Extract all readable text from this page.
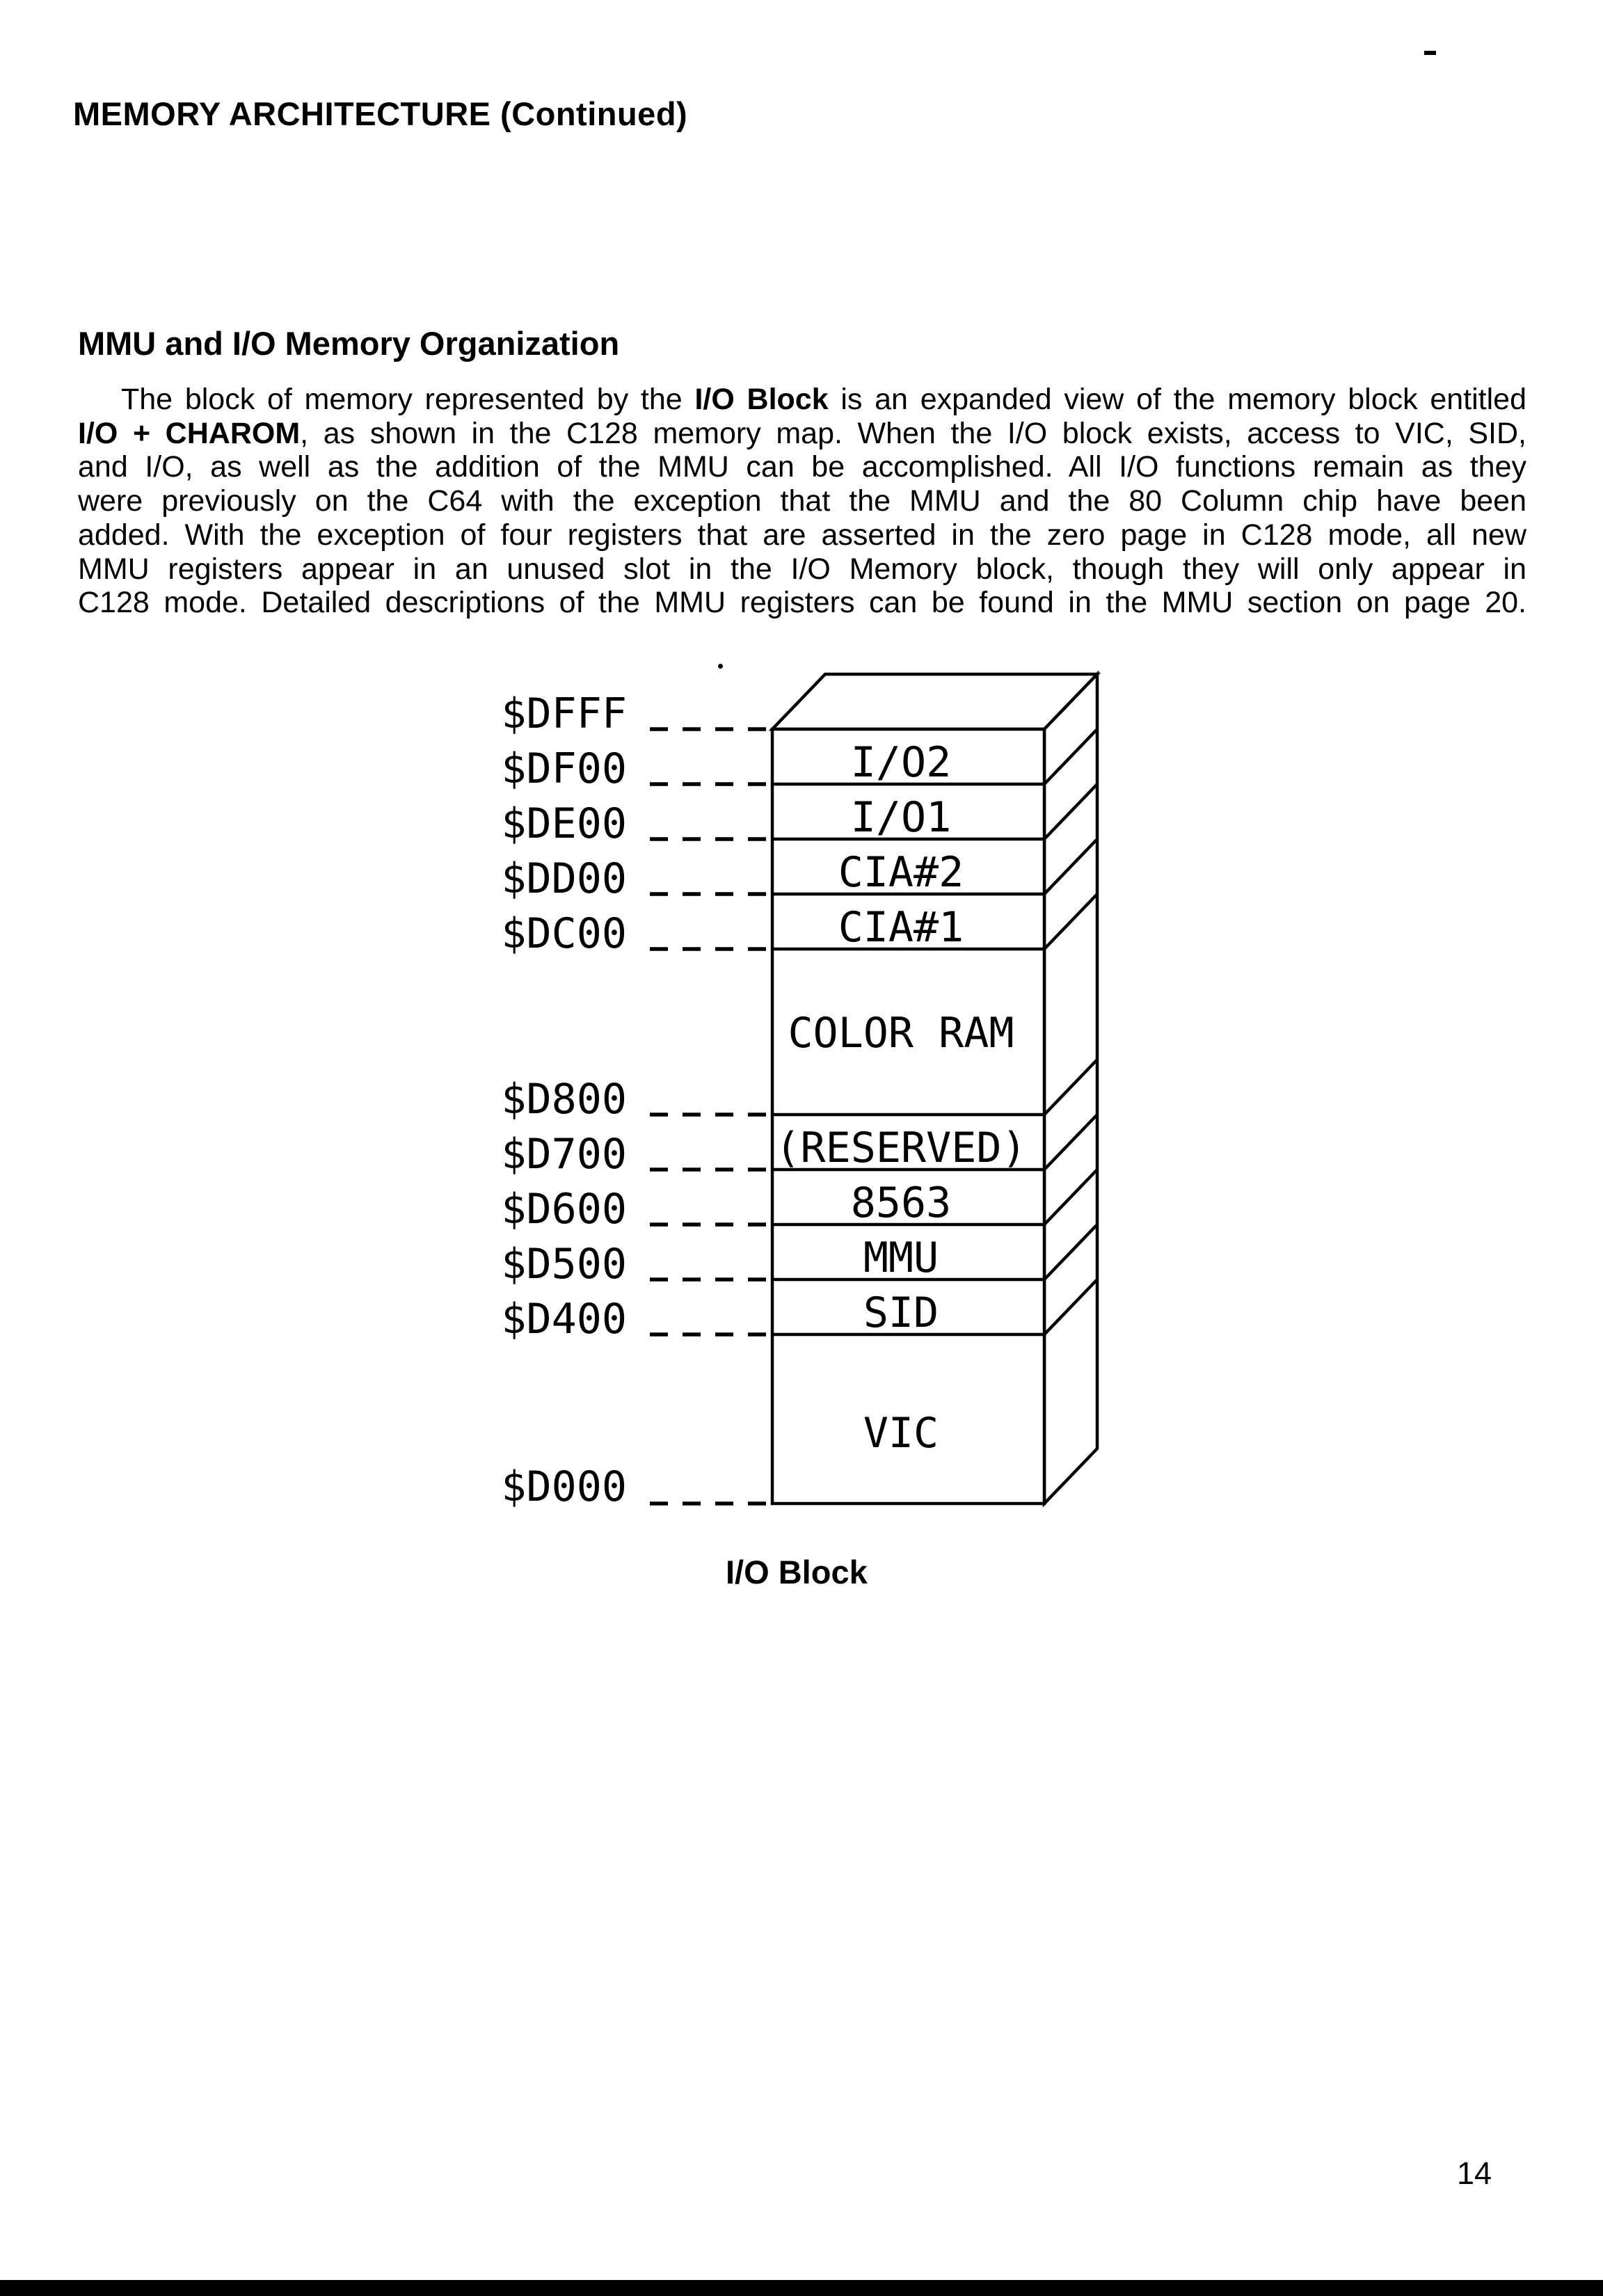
MEMORY ARCHITECTURE (Continued)
MMU and I/O Memory Organization
The block of memory represented by the I/O Block is an expanded view of the memory block entitled
I/O + CHAROM, as shown in the C128 memory map. When the I/O block exists, access to VIC, SID,
and I/O, as well as the addition of the MMU can be accomplished. All I/O functions remain as they
were previously on the C64 with the exception that the MMU and the 80 Column chip have been
added. With the exception of four registers that are asserted in the zero page in C128 mode, all new
MMU registers appear in an unused slot in the I/O Memory block, though they will only appear in
C128 mode. Detailed descriptions of the MMU registers can be found in the MMU section on page 20.
$DFFF
$DF00
$DE00
$DD00
$DC00
$D800
$D700
$D600
$D500
$D400
$D000
I/O2
I/O1
CIA#2
CIA#1
COLOR RAM
(RESERVED)
8563
MMU
SID
VIC
I/O Block
14
